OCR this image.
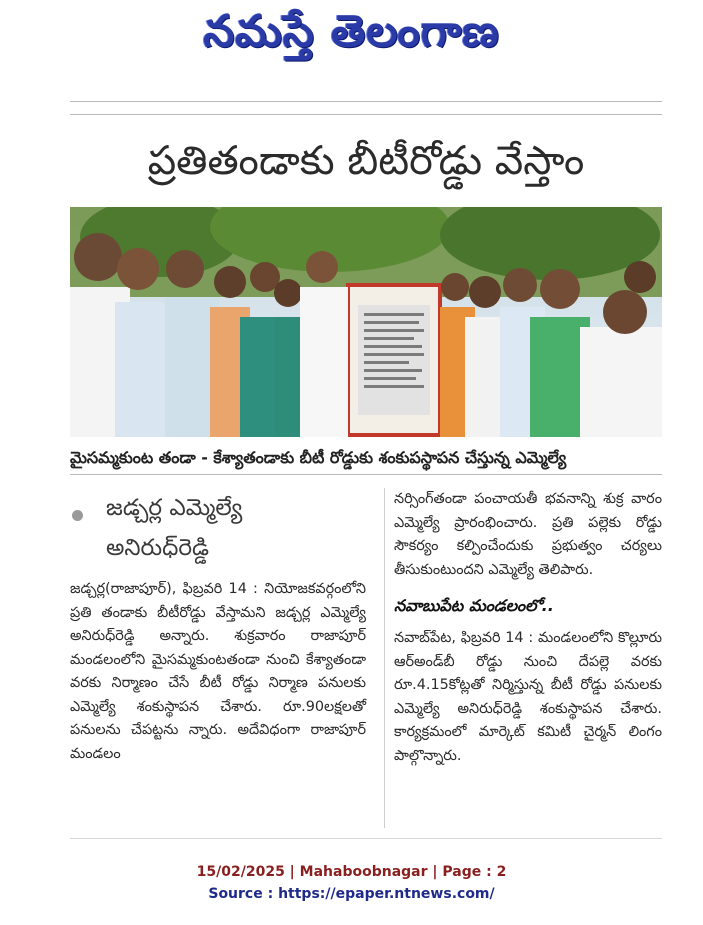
నమస్తే తెలంగాణ
ప్రతితండాకు బీటీరోడ్డు వేస్తాం
మైసమ్మకుంట తండా - కేశ్యాతండాకు బీటీ రోడ్డుకు శంకుపస్థాపన చేస్తున్న ఎమ్మెల్యే
జడ్చర్ల ఎమ్మెల్యే
అనిరుధ్‌రెడ్డి

జడ్చర్ల(రాజాపూర్), ఫిబ్రవరి 14 : నియోజకవర్గంలోని ప్రతి తండాకు బీటీరోడ్డు వేస్తామని జడ్చర్ల ఎమ్మెల్యే అనిరుధ్‌రెడ్డి అన్నారు. శుక్రవారం రాజాపూర్ మండలంలోని మైసమ్మకుంటతండా నుంచి కేశ్యాతండా వరకు నిర్మాణం చేసే బీటీ రోడ్డు నిర్మాణ పనులకు ఎమ్మెల్యే శంకుస్థాపన చేశారు. రూ.90లక్షలతో పనులను చేపట్టను న్నారు. అదేవిధంగా రాజాపూర్ మండలం

నర్సింగ్‌తండా పంచాయతీ భవనాన్ని శుక్ర వారం ఎమ్మెల్యే ప్రారంభించారు. ప్రతి పల్లెకు రోడ్డు సౌకర్యం కల్పించేందుకు ప్రభుత్వం చర్యలు తీసుకుంటుందని ఎమ్మెల్యే తెలిపారు.

నవాబుపేట మండలంలో..

నవాబ్‌పేట, ఫిబ్రవరి 14 : మండలంలోని కొల్లూరు ఆర్అండ్‌బీ రోడ్డు నుంచి దేపల్లె వరకు రూ.4.15కోట్లతో నిర్మిస్తున్న బీటీ రోడ్డు పనులకు ఎమ్మెల్యే అనిరుధ్‌రెడ్డి శంకుస్థాపన చేశారు. కార్యక్రమంలో మార్కెట్ కమిటీ చైర్మన్ లింగం పాల్గొన్నారు.

15/02/2025 | Mahaboobnagar | Page : 2
Source : https://epaper.ntnews.com/
